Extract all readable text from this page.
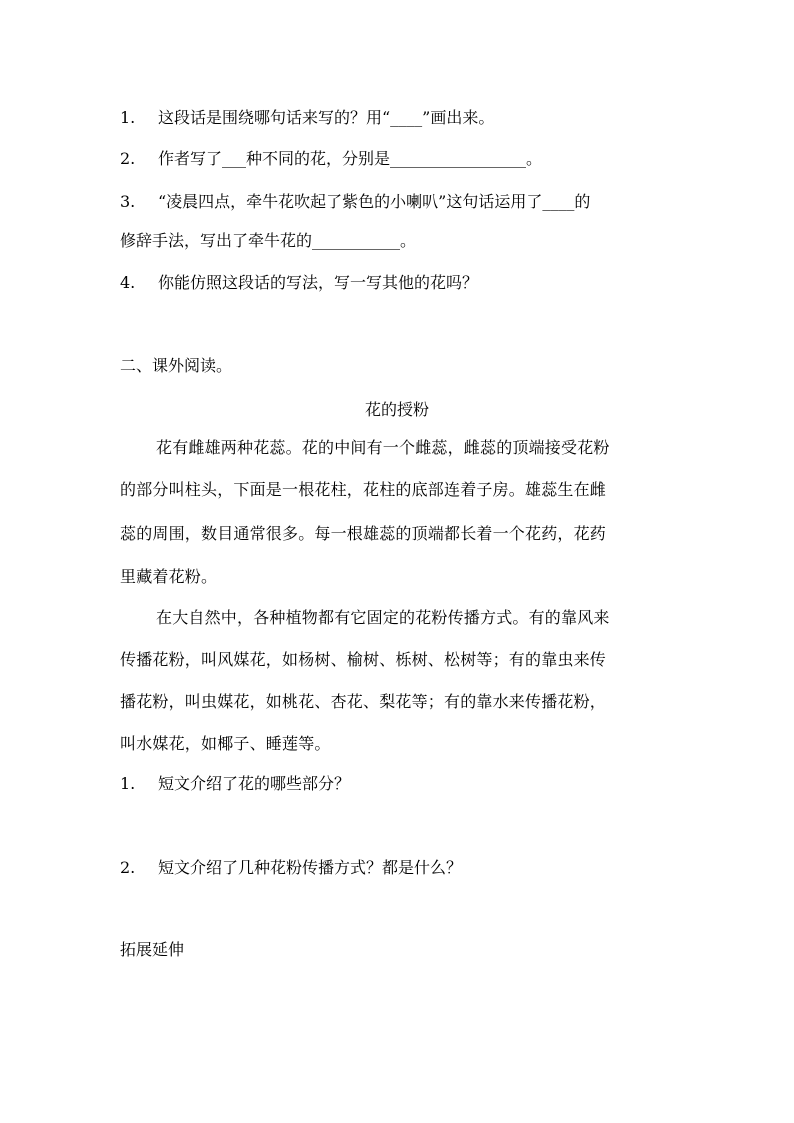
1. 这段话是围绕哪句话来写的？用“____”画出来。
2. 作者写了___种不同的花，分别是_________________。
3. “凌晨四点，牵牛花吹起了紫色的小喇叭”这句话运用了____的
修辞手法，写出了牵牛花的___________。
4. 你能仿照这段话的写法，写一写其他的花吗？
二、课外阅读。
花的授粉
花有雌雄两种花蕊。花的中间有一个雌蕊，雌蕊的顶端接受花粉
的部分叫柱头，下面是一根花柱，花柱的底部连着子房。雄蕊生在雌
蕊的周围，数目通常很多。每一根雄蕊的顶端都长着一个花药，花药
里藏着花粉。
在大自然中，各种植物都有它固定的花粉传播方式。有的靠风来
传播花粉，叫风媒花，如杨树、榆树、栎树、松树等；有的靠虫来传
播花粉，叫虫媒花，如桃花、杏花、梨花等；有的靠水来传播花粉，
叫水媒花，如椰子、睡莲等。
1. 短文介绍了花的哪些部分？
2. 短文介绍了几种花粉传播方式？都是什么？
拓展延伸
